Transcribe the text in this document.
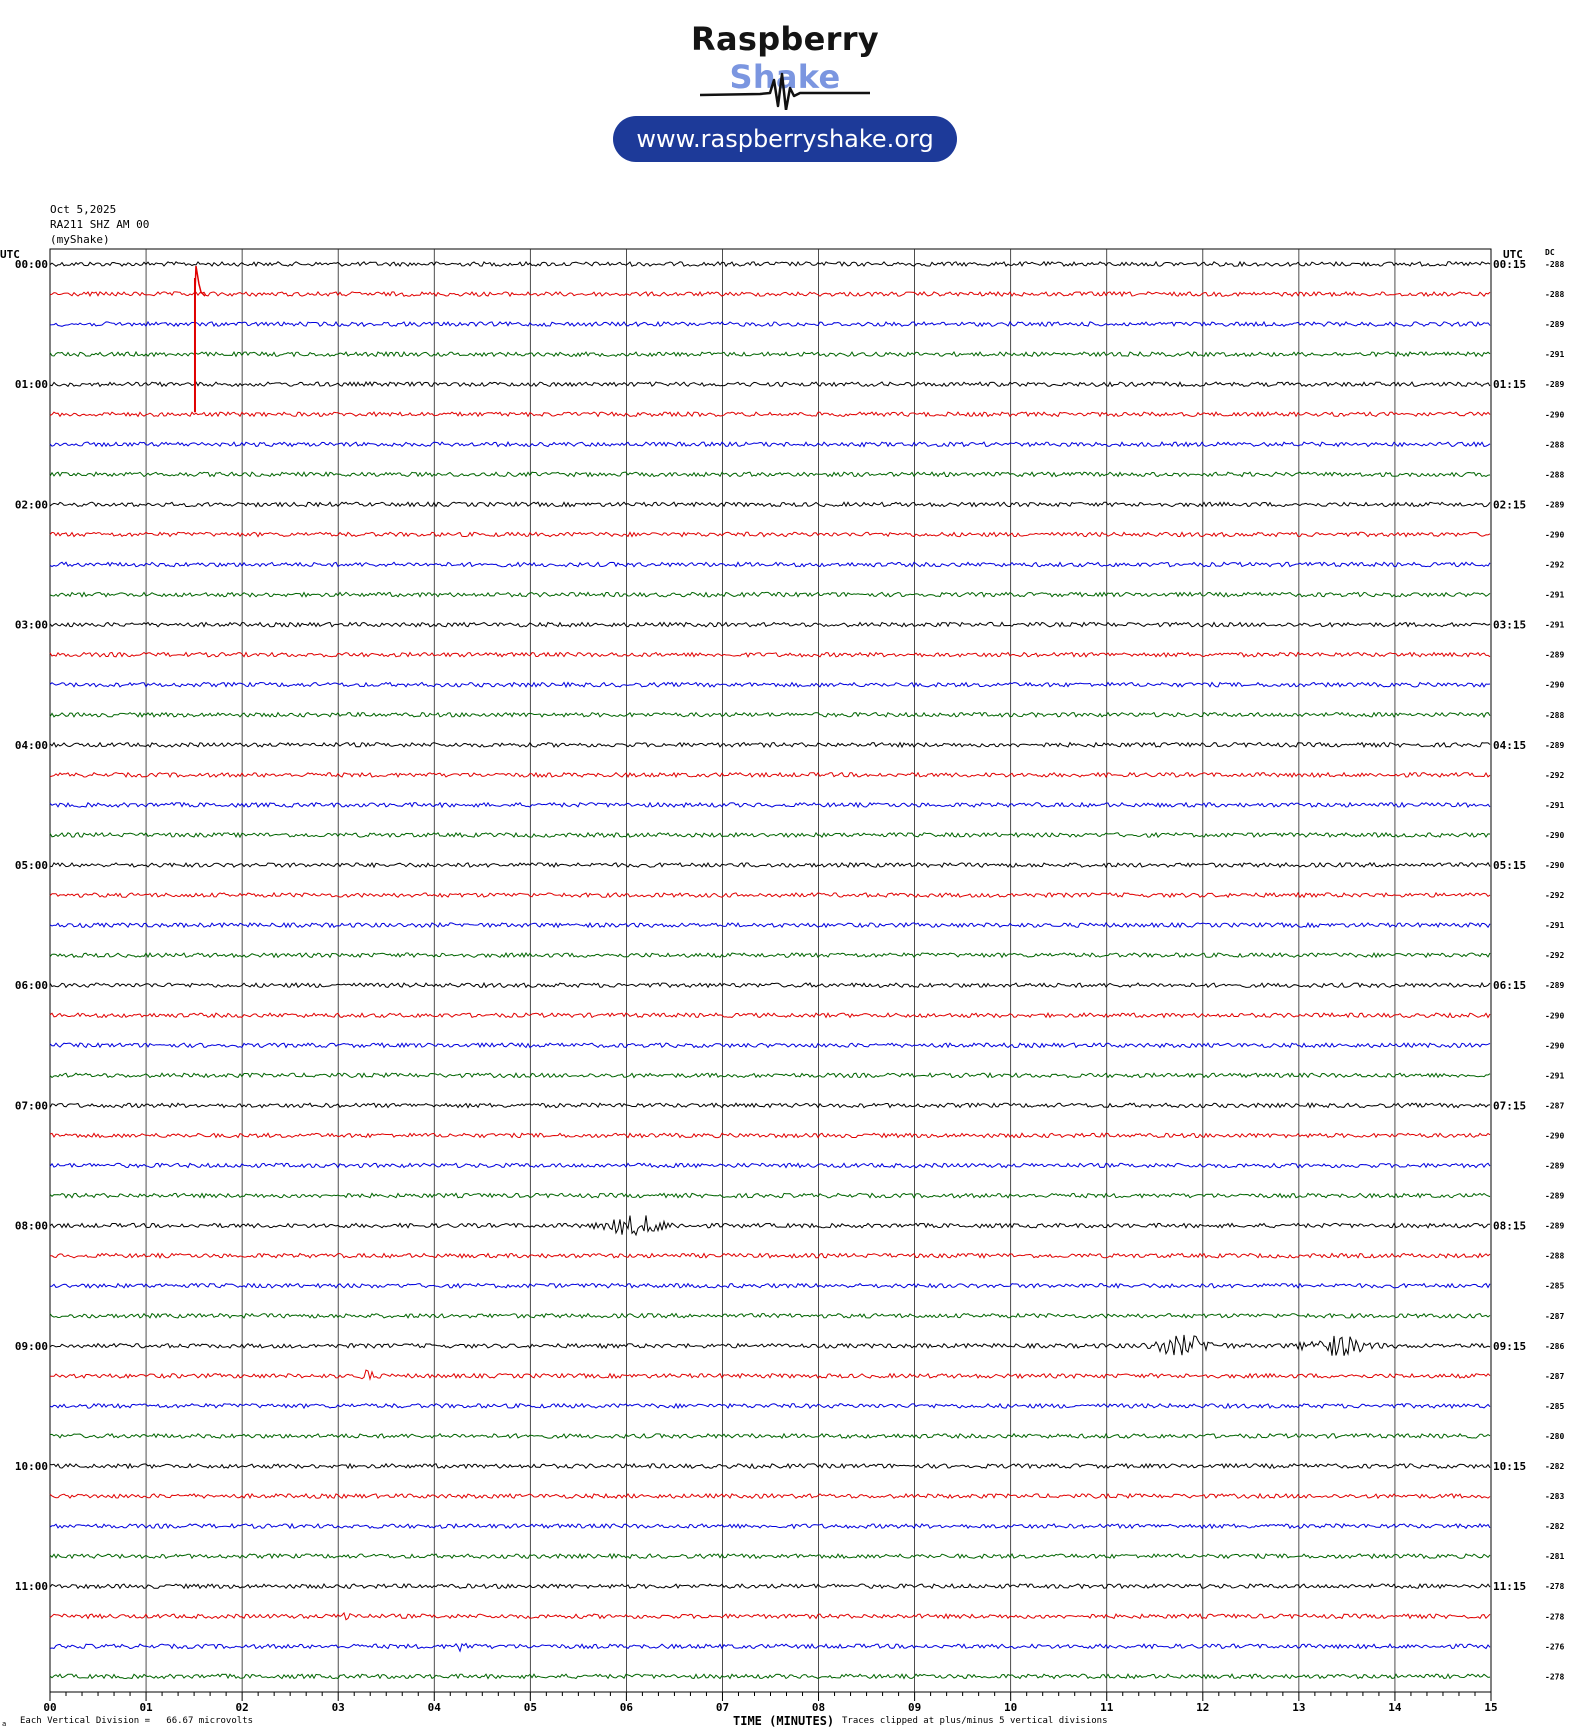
Raspberry Shake
www.raspberryshake.org
Oct 5,2025
RA211 SHZ AM 00
(myShake)
00	01	02	03	04	05	06	07	08	09	10	11	12	13	14	15
UTC	UTC	DC
00:00
01:00
02:00
03:00
04:00
05:00
06:00
07:00
08:00
09:00
10:00
11:00
00:15
01:15
02:15
03:15
04:15
05:15
06:15
07:15
08:15
09:15
10:15
11:15
-288
-288
-289
-291
-289
-290
-288
-288
-289
-290
-292
-291
-291
-289
-290
-288
-289
-292
-291
-290
-290
-292
-291
-292
-289
-290
-290
-291
-287
-290
-289
-289
-289
-288
-285
-287
-286
-287
-285
-280
-282
-283
-282
-281
-278
-278
-276
-278
a Each Vertical Division =   66.67 microvolts	TIME (MINUTES) Traces clipped at plus/minus 5 vertical divisions
